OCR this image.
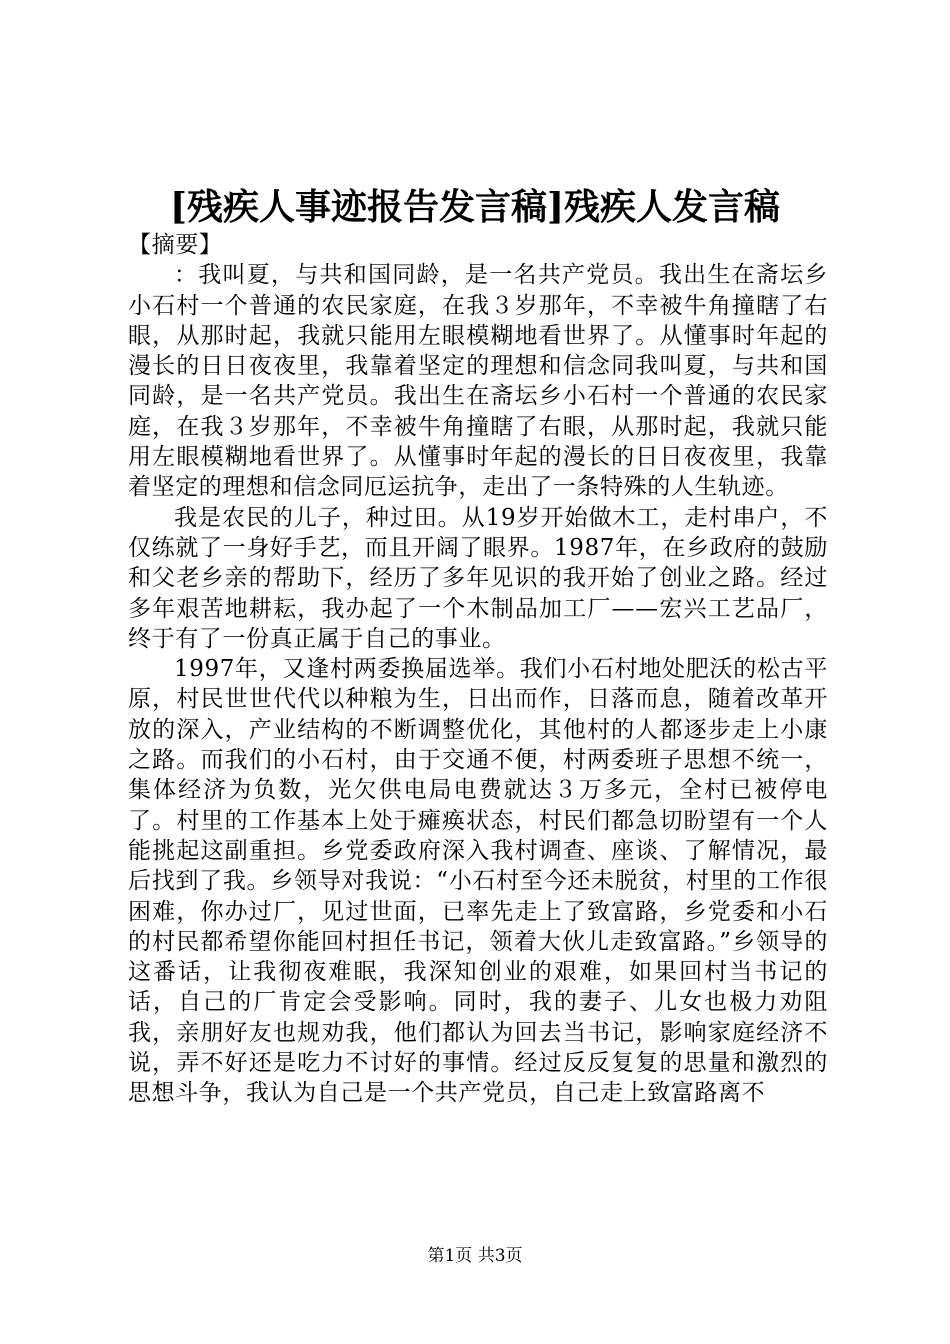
[残疾人事迹报告发言稿]残疾人发言稿

【摘要】

：我叫夏，与共和国同龄，是一名共产党员。我出生在斋坛乡小石村一个普通的农民家庭，在我３岁那年，不幸被牛角撞瞎了右眼，从那时起，我就只能用左眼模糊地看世界了。从懂事时年起的漫长的日日夜夜里，我靠着坚定的理想和信念同我叫夏，与共和国同龄，是一名共产党员。我出生在斋坛乡小石村一个普通的农民家庭，在我３岁那年，不幸被牛角撞瞎了右眼，从那时起，我就只能用左眼模糊地看世界了。从懂事时年起的漫长的日日夜夜里，我靠着坚定的理想和信念同厄运抗争，走出了一条特殊的人生轨迹。

我是农民的儿子，种过田。从19岁开始做木工，走村串户，不仅练就了一身好手艺，而且开阔了眼界。1987年，在乡政府的鼓励和父老乡亲的帮助下，经历了多年见识的我开始了创业之路。经过多年艰苦地耕耘，我办起了一个木制品加工厂——宏兴工艺品厂，终于有了一份真正属于自己的事业。

1997年，又逢村两委换届选举。我们小石村地处肥沃的松古平原，村民世世代代以种粮为生，日出而作，日落而息，随着改革开放的深入，产业结构的不断调整优化，其他村的人都逐步走上小康之路。而我们的小石村，由于交通不便，村两委班子思想不统一，集体经济为负数，光欠供电局电费就达３万多元，全村已被停电了。村里的工作基本上处于瘫痪状态，村民们都急切盼望有一个人能挑起这副重担。乡党委政府深入我村调查、座谈、了解情况，最后找到了我。乡领导对我说：“小石村至今还未脱贫，村里的工作很困难，你办过厂，见过世面，已率先走上了致富路，乡党委和小石的村民都希望你能回村担任书记，领着大伙儿走致富路。”乡领导的这番话，让我彻夜难眠，我深知创业的艰难，如果回村当书记的话，自己的厂肯定会受影响。同时，我的妻子、儿女也极力劝阻我，亲朋好友也规劝我，他们都认为回去当书记，影响家庭经济不说，弄不好还是吃力不讨好的事情。经过反反复复的思量和激烈的思想斗争，我认为自己是一个共产党员，自己走上致富路离不

第1页 共3页
